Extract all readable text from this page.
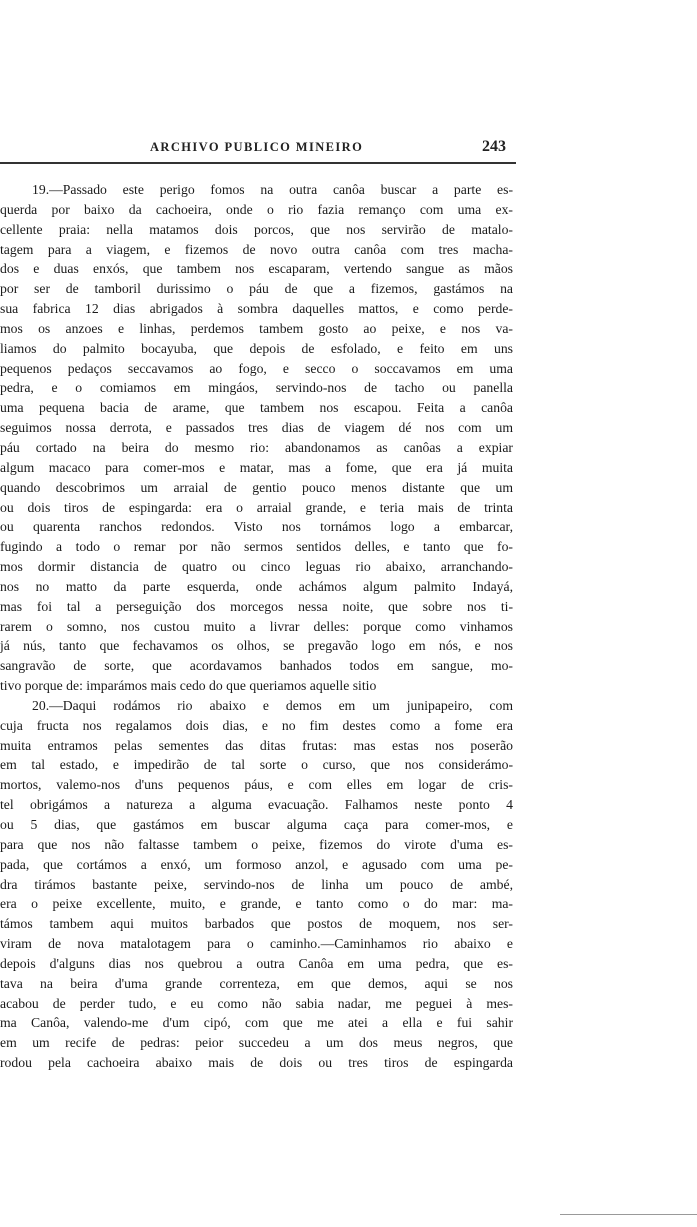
ARCHIVO PUBLICO MINEIRO	243
19.—Passado este perigo fomos na outra canôa buscar a parte es-
querda por baixo da cachoeira, onde o rio fazia remanço com uma ex-
cellente praia: nella matamos dois porcos, que nos servirão de matalo-
tagem para a viagem, e fizemos de novo outra canôa com tres macha-
dos e duas enxós, que tambem nos escaparam, vertendo sangue as mãos
por ser de tamboril durissimo o páu de que a fizemos, gastámos na
sua fabrica 12 dias abrigados à sombra daquelles mattos, e como perde-
mos os anzoes e linhas, perdemos tambem gosto ao peixe, e nos va-
liamos do palmito bocayuba, que depois de esfolado, e feito em uns
pequenos pedaços seccavamos ao fogo, e secco o soccavamos em uma
pedra, e o comiamos em mingáos, servindo-nos de tacho ou panella
uma pequena bacia de arame, que tambem nos escapou. Feita a canôa
seguimos nossa derrota, e passados tres dias de viagem dé nos com um
páu cortado na beira do mesmo rio: abandonamos as canôas a expiar
algum macaco para comer-mos e matar, mas a fome, que era já muita
quando descobrimos um arraial de gentio pouco menos distante que um
ou dois tiros de espingarda: era o arraial grande, e teria mais de trinta
ou quarenta ranchos redondos. Visto nos tornámos logo a embarcar,
fugindo a todo o remar por não sermos sentidos delles, e tanto que fo-
mos dormir distancia de quatro ou cinco leguas rio abaixo, arranchando-
nos no matto da parte esquerda, onde achámos algum palmito Indayá,
mas foi tal a perseguição dos morcegos nessa noite, que sobre nos ti-
rarem o somno, nos custou muito a livrar delles: porque como vinhamos
já nús, tanto que fechavamos os olhos, se pregavão logo em nós, e nos
sangravão de sorte, que acordavamos banhados todos em sangue, mo-
tivo porque de: imparámos mais cedo do que queriamos aquelle sitio
20.—Daqui rodámos rio abaixo e demos em um junipapeiro, com
cuja fructa nos regalamos dois dias, e no fim destes como a fome era
muita entramos pelas sementes das ditas frutas: mas estas nos poserão
em tal estado, e impedirão de tal sorte o curso, que nos considerámo-
mortos, valemo-nos d'uns pequenos páus, e com elles em logar de cris-
tel obrigámos a natureza a alguma evacuação. Falhamos neste ponto 4
ou 5 dias, que gastámos em buscar alguma caça para comer-mos, e
para que nos não faltasse tambem o peixe, fizemos do virote d'uma es-
pada, que cortámos a enxó, um formoso anzol, e agusado com uma pe-
dra tirámos bastante peixe, servindo-nos de linha um pouco de ambé,
era o peixe excellente, muito, e grande, e tanto como o do mar: ma-
támos tambem aqui muitos barbados que postos de moquem, nos ser-
viram de nova matalotagem para o caminho.—Caminhamos rio abaixo e
depois d'alguns dias nos quebrou a outra Canôa em uma pedra, que es-
tava na beira d'uma grande correnteza, em que demos, aqui se nos
acabou de perder tudo, e eu como não sabia nadar, me peguei à mes-
ma Canôa, valendo-me d'um cipó, com que me atei a ella e fui sahir
em um recife de pedras: peior succedeu a um dos meus negros, que
rodou pela cachoeira abaixo mais de dois ou tres tiros de espingarda
